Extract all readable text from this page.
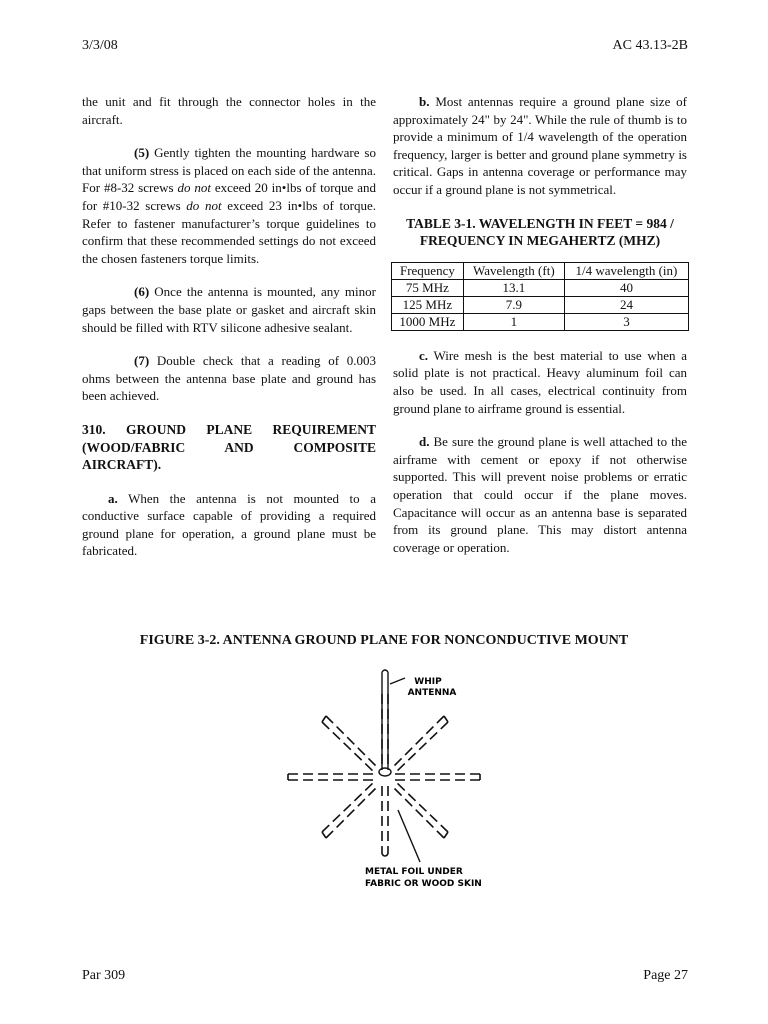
3/3/08	AC 43.13-2B

the unit and fit through the connector holes in the aircraft.

(5) Gently tighten the mounting hardware so that uniform stress is placed on each side of the antenna. For #8-32 screws do not exceed 20 in•lbs of torque and for #10-32 screws do not exceed 23 in•lbs of torque. Refer to fastener manufacturer’s torque guidelines to confirm that these recommended settings do not exceed the chosen fasteners torque limits.

(6) Once the antenna is mounted, any minor gaps between the base plate or gasket and aircraft skin should be filled with RTV silicone adhesive sealant.

(7) Double check that a reading of 0.003 ohms between the antenna base plate and ground has been achieved.

310. GROUND PLANE REQUIREMENT (WOOD/FABRIC AND COMPOSITE
AIRCRAFT).

a. When the antenna is not mounted to a conductive surface capable of providing a required ground plane for operation, a ground plane must be fabricated.

b. Most antennas require a ground plane size of approximately 24" by 24". While the rule of thumb is to provide a minimum of 1/4 wavelength of the operation frequency, larger is better and ground plane symmetry is critical. Gaps in antenna coverage or performance may occur if a ground plane is not symmetrical.

TABLE 3-1. WAVELENGTH IN FEET = 984 / FREQUENCY IN MEGAHERTZ (MHZ)
Frequency	Wavelength (ft)	1/4 wavelength (in)
75 MHz	13.1	40
125 MHz	7.9	24
1000 MHz	1	3

c. Wire mesh is the best material to use when a solid plate is not practical. Heavy aluminum foil can also be used. In all cases, electrical continuity from ground plane to airframe ground is essential.

d. Be sure the ground plane is well attached to the airframe with cement or epoxy if not otherwise supported. This will prevent noise problems or erratic operation that could occur if the plane moves. Capacitance will occur as an antenna base is separated from its ground plane. This may distort antenna coverage or operation.

FIGURE 3-2. ANTENNA GROUND PLANE FOR NONCONDUCTIVE MOUNT
WHIP
ANTENNA
METAL FOIL UNDER
FABRIC OR WOOD SKIN
Par 309	Page 27
